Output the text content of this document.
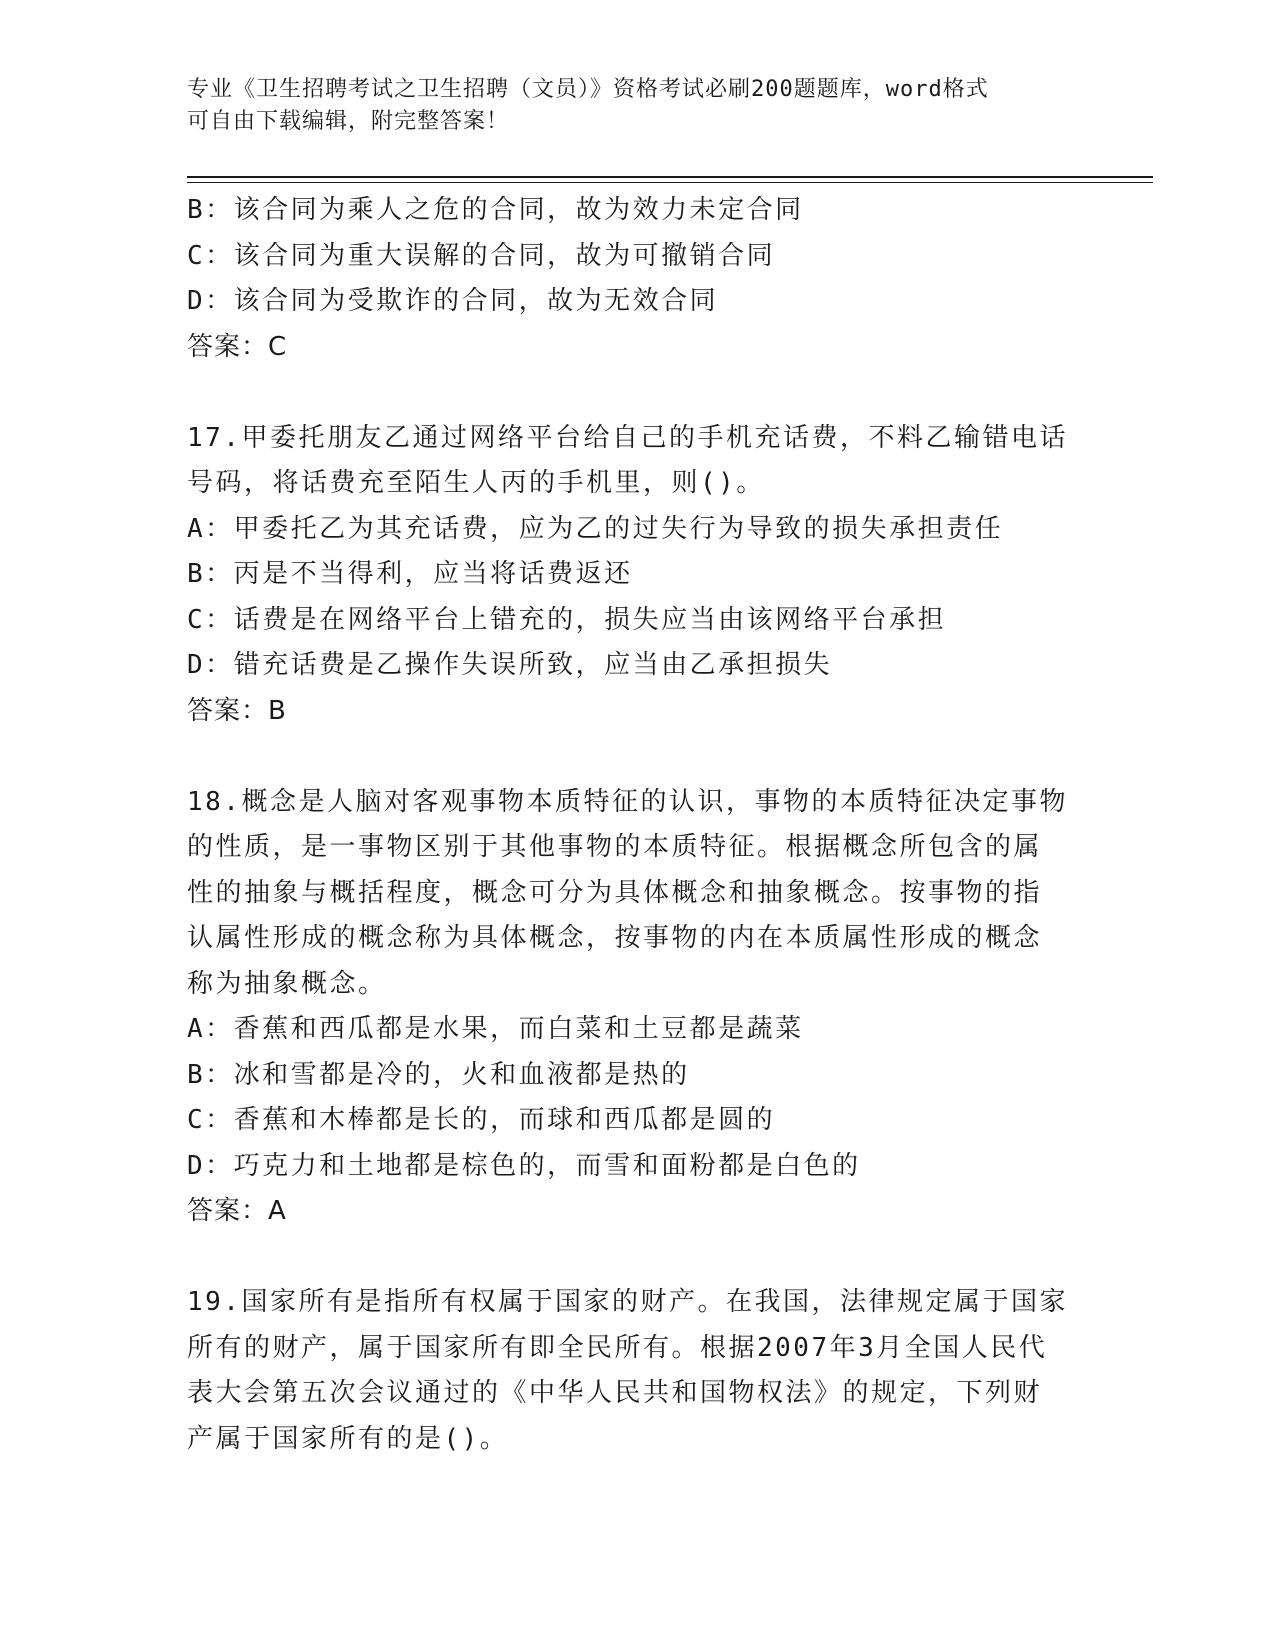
专业《卫生招聘考试之卫生招聘（文员）》资格考试必刷200题题库，word格式
可自由下载编辑，附完整答案！
B：该合同为乘人之危的合同，故为效力未定合同
C：该合同为重大误解的合同，故为可撤销合同
D：该合同为受欺诈的合同，故为无效合同
答案：C
17.甲委托朋友乙通过网络平台给自己的手机充话费，不料乙输错电话
号码，将话费充至陌生人丙的手机里，则()。
A：甲委托乙为其充话费，应为乙的过失行为导致的损失承担责任
B：丙是不当得利，应当将话费返还
C：话费是在网络平台上错充的，损失应当由该网络平台承担
D：错充话费是乙操作失误所致，应当由乙承担损失
答案：B
18.概念是人脑对客观事物本质特征的认识，事物的本质特征决定事物
的性质，是一事物区别于其他事物的本质特征。根据概念所包含的属
性的抽象与概括程度，概念可分为具体概念和抽象概念。按事物的指
认属性形成的概念称为具体概念，按事物的内在本质属性形成的概念
称为抽象概念。
A：香蕉和西瓜都是水果，而白菜和土豆都是蔬菜
B：冰和雪都是冷的，火和血液都是热的
C：香蕉和木棒都是长的，而球和西瓜都是圆的
D：巧克力和土地都是棕色的，而雪和面粉都是白色的
答案：A
19.国家所有是指所有权属于国家的财产。在我国，法律规定属于国家
所有的财产，属于国家所有即全民所有。根据2007年3月全国人民代
表大会第五次会议通过的《中华人民共和国物权法》的规定，下列财
产属于国家所有的是()。
